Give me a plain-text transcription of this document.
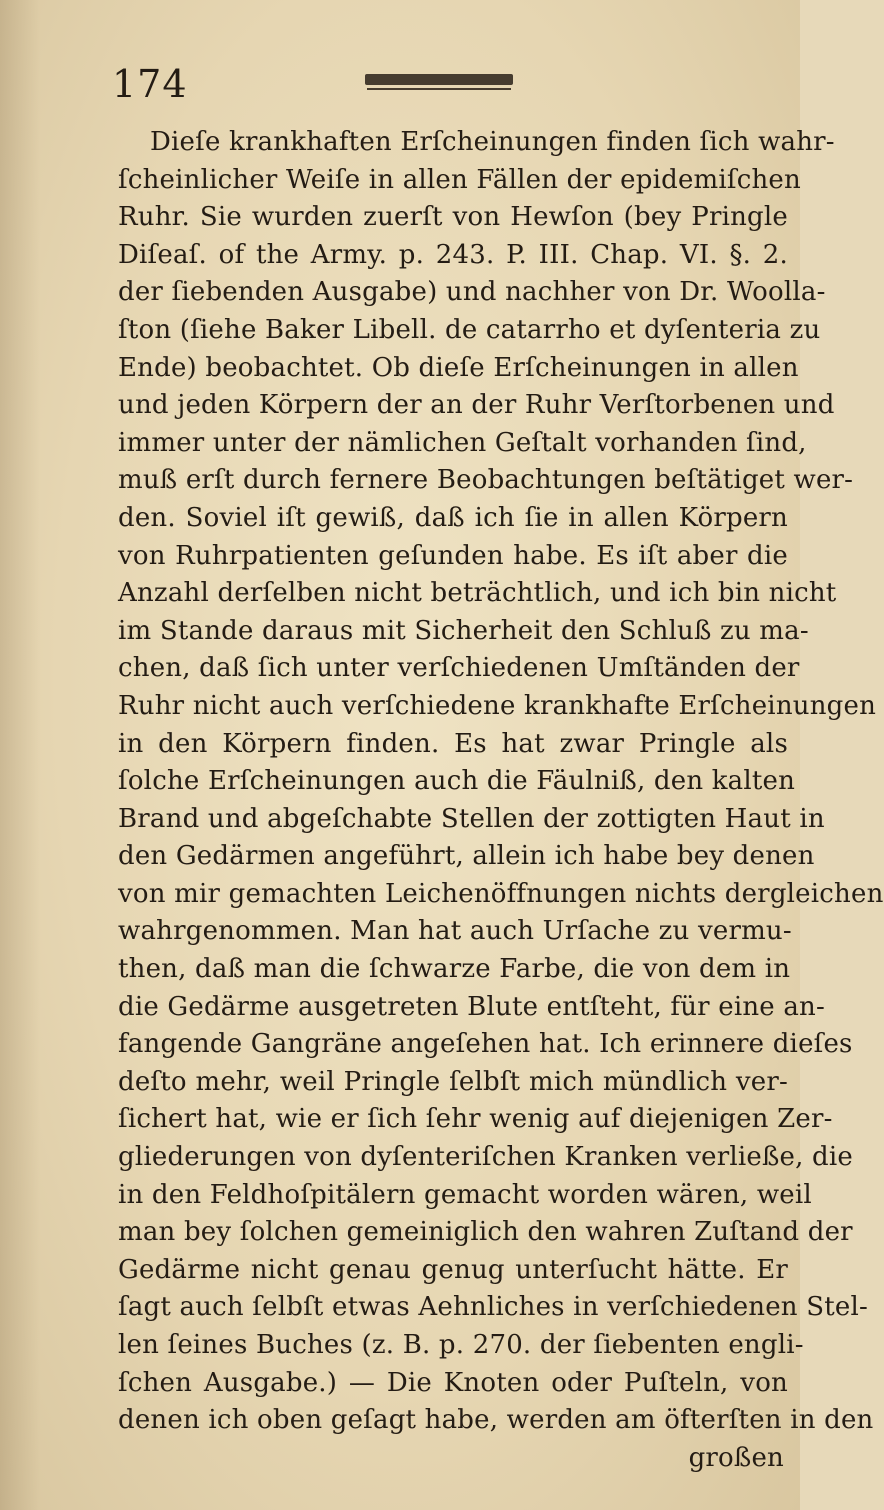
174
Dieſe krankhaften Erſcheinungen finden ſich wahr-
ſcheinlicher Weiſe in allen Fällen der epidemiſchen
Ruhr. Sie wurden zuerſt von Hewſon (bey Pringle
Diſeaſ. of the Army. p. 243. P. III. Chap. VI. §. 2.
der ſiebenden Ausgabe) und nachher von Dr. Woolla-
ſton (ſiehe Baker Libell. de catarrho et dyſenteria zu
Ende) beobachtet. Ob dieſe Erſcheinungen in allen
und jeden Körpern der an der Ruhr Verſtorbenen und
immer unter der nämlichen Geſtalt vorhanden ſind,
muß erſt durch fernere Beobachtungen beſtätiget wer-
den. Soviel iſt gewiß, daß ich ſie in allen Körpern
von Ruhrpatienten geſunden habe. Es iſt aber die
Anzahl derſelben nicht beträchtlich, und ich bin nicht
im Stande daraus mit Sicherheit den Schluß zu ma-
chen, daß ſich unter verſchiedenen Umſtänden der
Ruhr nicht auch verſchiedene krankhafte Erſcheinungen
in den Körpern finden. Es hat zwar Pringle als
ſolche Erſcheinungen auch die Fäulniß, den kalten
Brand und abgeſchabte Stellen der zottigten Haut in
den Gedärmen angeführt, allein ich habe bey denen
von mir gemachten Leichenöffnungen nichts dergleichen
wahrgenommen. Man hat auch Urſache zu vermu-
then, daß man die ſchwarze Farbe, die von dem in
die Gedärme ausgetreten Blute entſteht, für eine an-
fangende Gangräne angeſehen hat. Ich erinnere dieſes
deſto mehr, weil Pringle ſelbſt mich mündlich ver-
ſichert hat, wie er ſich ſehr wenig auf diejenigen Zer-
gliederungen von dyſenteriſchen Kranken verließe, die
in den Feldhoſpitälern gemacht worden wären, weil
man bey ſolchen gemeiniglich den wahren Zuſtand der
Gedärme nicht genau genug unterſucht hätte. Er
ſagt auch ſelbſt etwas Aehnliches in verſchiedenen Stel-
len ſeines Buches (z. B. p. 270. der ſiebenten engli-
ſchen Ausgabe.) — Die Knoten oder Puſteln, von
denen ich oben geſagt habe, werden am öfterſten in den
großen
